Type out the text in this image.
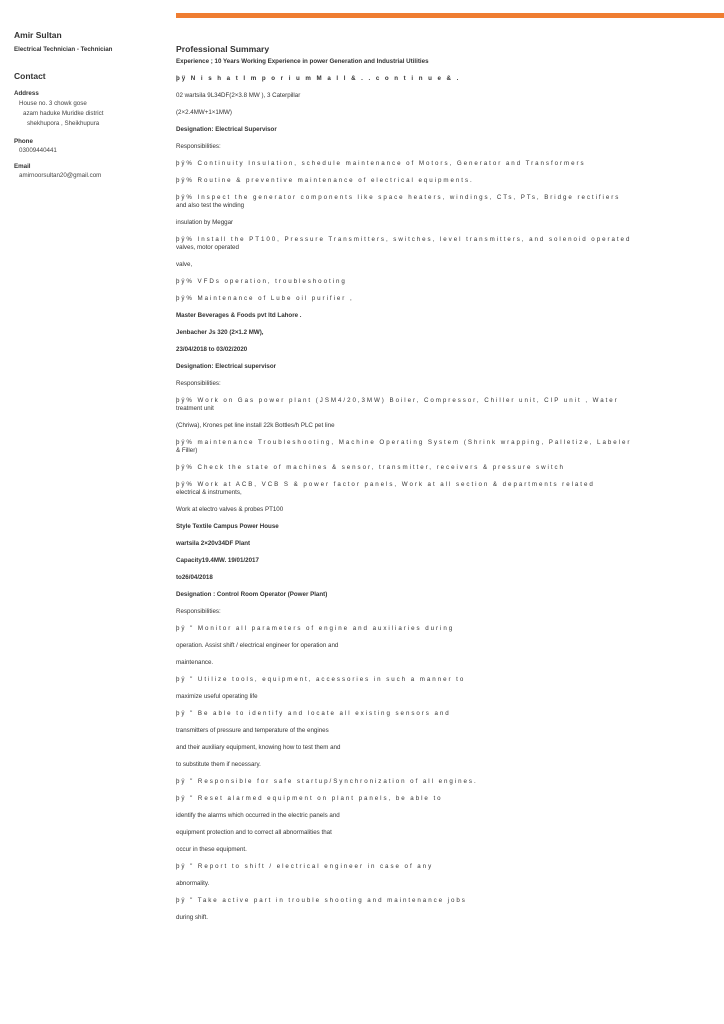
Amir Sultan
Electrical Technician - Technician
Contact
Address
House no. 3 chowk gose
azam haduke Muridke district
shekhupora , Sheikhupura
Phone
03009440441
Email
amirnoorsultan20@gmail.com
Professional Summary
Experience ; 10 Years Working Experience in power Generation and Industrial Utilities
þÿ N i s h a t I m p o r i u m M a l l & . . c o n t i n u e & .
02 wartsila 9L34DF(2×3.8 MW ), 3 Caterpillar
(2×2.4MW+1×1MW)
Designation: Electrical Supervisor
Responsibilities:
þÿ% Continuity Insulation, schedule maintenance of Motors, Generator and Transformers
þÿ% Routine & preventive maintenance of electrical equipments.
þÿ% Inspect the generator components like space heaters, windings, CTs, PTs, Bridge rectifiers
and also test the winding
insulation by Meggar
þÿ% Install the PT100, Pressure Transmitters, switches, level transmitters, and solenoid operated
valves, motor operated
valve,
þÿ% VFDs operation, troubleshooting
þÿ% Maintenance of Lube oil purifier ,
Master Beverages & Foods pvt ltd Lahore .
Jenbacher Js 320 (2×1.2 MW),
23/04/2018 to 03/02/2020
Designation: Electrical supervisor
Responsibilities:
þÿ% Work on Gas power plant (JSM4/20,3MW) Boiler, Compressor, Chiller unit, CIP unit , Water
treatment unit
(Chriwa), Krones pet line install 22k Bottles/h PLC pet line
þÿ% maintenance Troubleshooting, Machine Operating System (Shrink wrapping, Palletize, Labeler
& Filler)
þÿ% Check the state of machines & sensor, transmitter, receivers & pressure switch
þÿ% Work at ACB, VCB S & power factor panels, Work at all section & departments related
electrical & instruments,
Work at electro valves & probes PT100
Style Textile Campus Power House
wartsila 2×20v34DF Plant
Capacity19.4MW. 19/01/2017
to26/04/2018
Designation : Control Room Operator (Power Plant)
Responsibilities:
þÿ " Monitor all parameters of engine and auxiliaries during
operation. Assist shift / electrical engineer for operation and
maintenance.
þÿ " Utilize tools, equipment, accessories in such a manner to
maximize useful operating life
þÿ " Be able to identify and locate all existing sensors and
transmitters of pressure and temperature of the engines
and their auxiliary equipment, knowing how to test them and
to substitute them if necessary.
þÿ " Responsible for safe startup/Synchronization of all engines.
þÿ " Reset alarmed equipment on plant panels, be able to
identify the alarms which occurred in the electric panels and
equipment protection and to correct all abnormalities that
occur in these equipment.
þÿ " Report to shift / electrical engineer in case of any
abnormality.
þÿ " Take active part in trouble shooting and maintenance jobs
during shift.
